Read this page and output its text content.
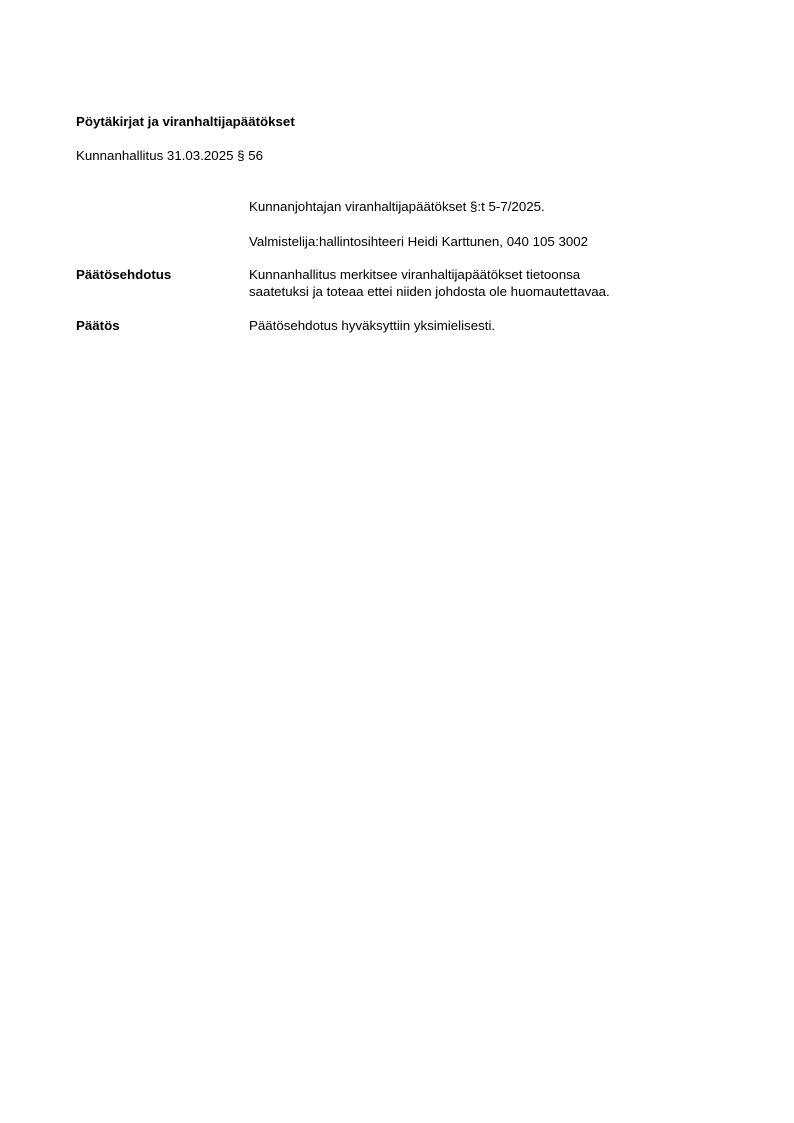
Pöytäkirjat ja viranhaltijapäätökset
Kunnanhallitus 31.03.2025 § 56
Kunnanjohtajan viranhaltijapäätökset §:t 5-7/2025.
Valmistelija:hallintosihteeri Heidi Karttunen, 040 105 3002
Päätösehdotus	Kunnanhallitus merkitsee viranhaltijapäätökset tietoonsa
saatetuksi ja toteaa ettei niiden johdosta ole huomautettavaa.
Päätös	Päätösehdotus hyväksyttiin yksimielisesti.
